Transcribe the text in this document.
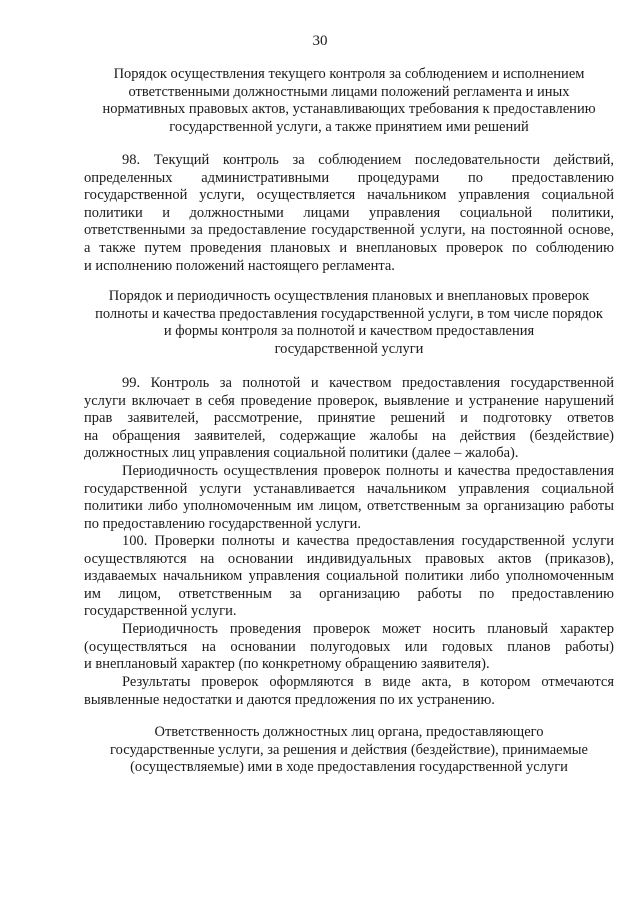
30
Порядок осуществления текущего контроля за соблюдением и исполнением
ответственными должностными лицами положений регламента и иных
нормативных правовых актов, устанавливающих требования к предоставлению
государственной услуги, а также принятием ими решений
98. Текущий контроль за соблюдением последовательности действий,
определенных административными процедурами по предоставлению
государственной услуги, осуществляется начальником управления социальной
политики и должностными лицами управления социальной политики,
ответственными за предоставление государственной услуги, на постоянной основе,
а также путем проведения плановых и внеплановых проверок по соблюдению
и исполнению положений настоящего регламента.
Порядок и периодичность осуществления плановых и внеплановых проверок
полноты и качества предоставления государственной услуги, в том числе порядок
и формы контроля за полнотой и качеством предоставления
государственной услуги
99. Контроль за полнотой и качеством предоставления государственной
услуги включает в себя проведение проверок, выявление и устранение нарушений
прав заявителей, рассмотрение, принятие решений и подготовку ответов
на обращения заявителей, содержащие жалобы на действия (бездействие)
должностных лиц управления социальной политики (далее – жалоба).
Периодичность осуществления проверок полноты и качества предоставления
государственной услуги устанавливается начальником управления социальной
политики либо уполномоченным им лицом, ответственным за организацию работы
по предоставлению государственной услуги.
100. Проверки полноты и качества предоставления государственной услуги
осуществляются на основании индивидуальных правовых актов (приказов),
издаваемых начальником управления социальной политики либо уполномоченным
им лицом, ответственным за организацию работы по предоставлению
государственной услуги.
Периодичность проведения проверок может носить плановый характер
(осуществляться на основании полугодовых или годовых планов работы)
и внеплановый характер (по конкретному обращению заявителя).
Результаты проверок оформляются в виде акта, в котором отмечаются
выявленные недостатки и даются предложения по их устранению.
Ответственность должностных лиц органа, предоставляющего
государственные услуги, за решения и действия (бездействие), принимаемые
(осуществляемые) ими в ходе предоставления государственной услуги
